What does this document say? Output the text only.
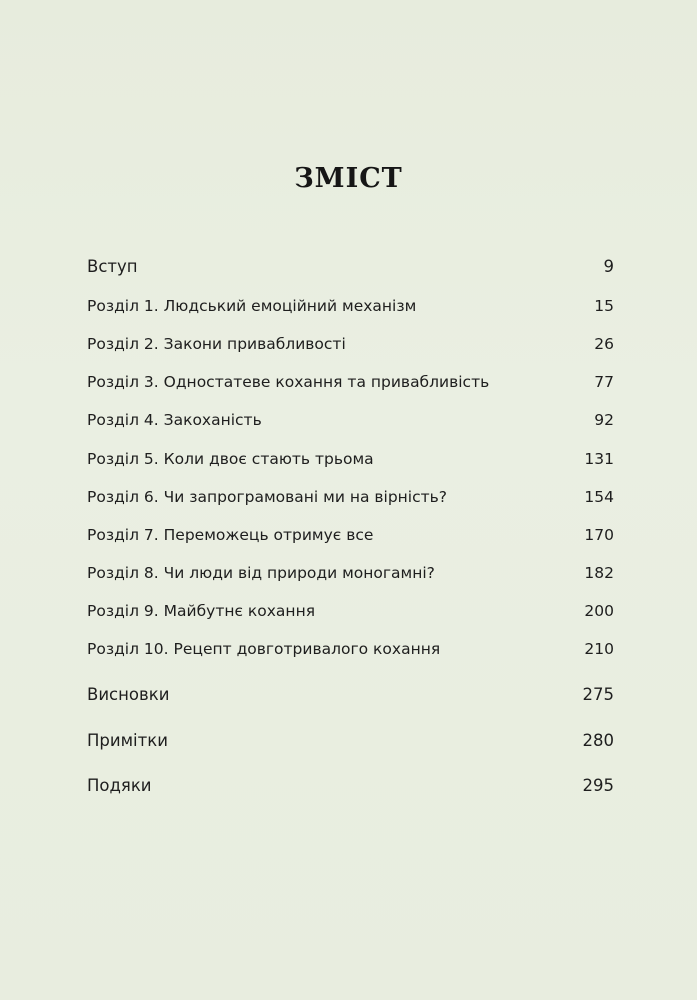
ЗМІСТ
Вступ	9
Розділ 1. Людський емоційний механізм	15
Розділ 2. Закони привабливості	26
Розділ 3. Одностатеве кохання та привабливість	77
Розділ 4. Закоханість	92
Розділ 5. Коли двоє стають трьома	131
Розділ 6. Чи запрограмовані ми на вірність?	154
Розділ 7. Переможець отримує все	170
Розділ 8. Чи люди від природи моногамні?	182
Розділ 9. Майбутнє кохання	200
Розділ 10. Рецепт довготривалого кохання	210
Висновки	275
Примітки	280
Подяки	295
